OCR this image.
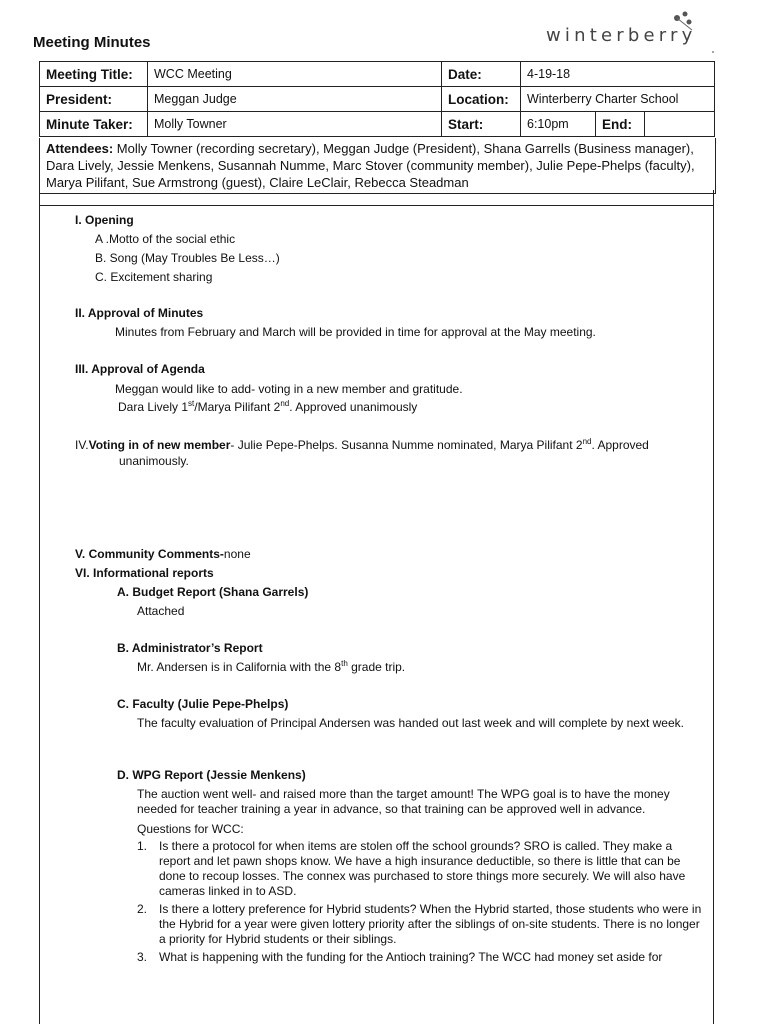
Meeting Minutes	winterberry
Meeting Title:	WCC Meeting	Date:	4-19-18		
President:	Meggan Judge	Location:	Winterberry Charter School		
Minute Taker:	Molly Towner	Start:	6:10pm	End:	
Attendees: Molly Towner (recording secretary), Meggan Judge (President), Shana Garrells (Business manager), Dara Lively, Jessie Menkens, Susannah Numme, Marc Stover (community member), Julie Pepe-Phelps (faculty), Marya Pilifant, Sue Armstrong (guest), Claire LeClair, Rebecca Steadman
I. Opening
A .Motto of the social ethic
B. Song (May Troubles Be Less…)
C. Excitement sharing
II. Approval of Minutes
Minutes from February and March will be provided in time for approval at the May meeting.
III. Approval of Agenda
Meggan would like to add- voting in a new member and gratitude.
Dara Lively 1st/Marya Pilifant 2nd. Approved unanimously
IV.Voting in of new member- Julie Pepe-Phelps. Susanna Numme nominated, Marya Pilifant 2nd. Approved
unanimously.
V. Community Comments-none
VI. Informational reports
A. Budget Report (Shana Garrels)
Attached
B. Administrator’s Report
Mr. Andersen is in California with the 8th grade trip.
C. Faculty (Julie Pepe-Phelps)
The faculty evaluation of Principal Andersen was handed out last week and will complete by next week.
D. WPG Report (Jessie Menkens)
The auction went well- and raised more than the target amount! The WPG goal is to have the money needed for teacher training a year in advance, so that training can be approved well in advance.
Questions for WCC:
1. Is there a protocol for when items are stolen off the school grounds? SRO is called. They make a report and let pawn shops know. We have a high insurance deductible, so there is little that can be done to recoup losses. The connex was purchased to store things more securely. We will also have cameras linked in to ASD.
2. Is there a lottery preference for Hybrid students? When the Hybrid started, those students who were in the Hybrid for a year were given lottery priority after the siblings of on-site students. There is no longer a priority for Hybrid students or their siblings.
3. What is happening with the funding for the Antioch training? The WCC had money set aside for
